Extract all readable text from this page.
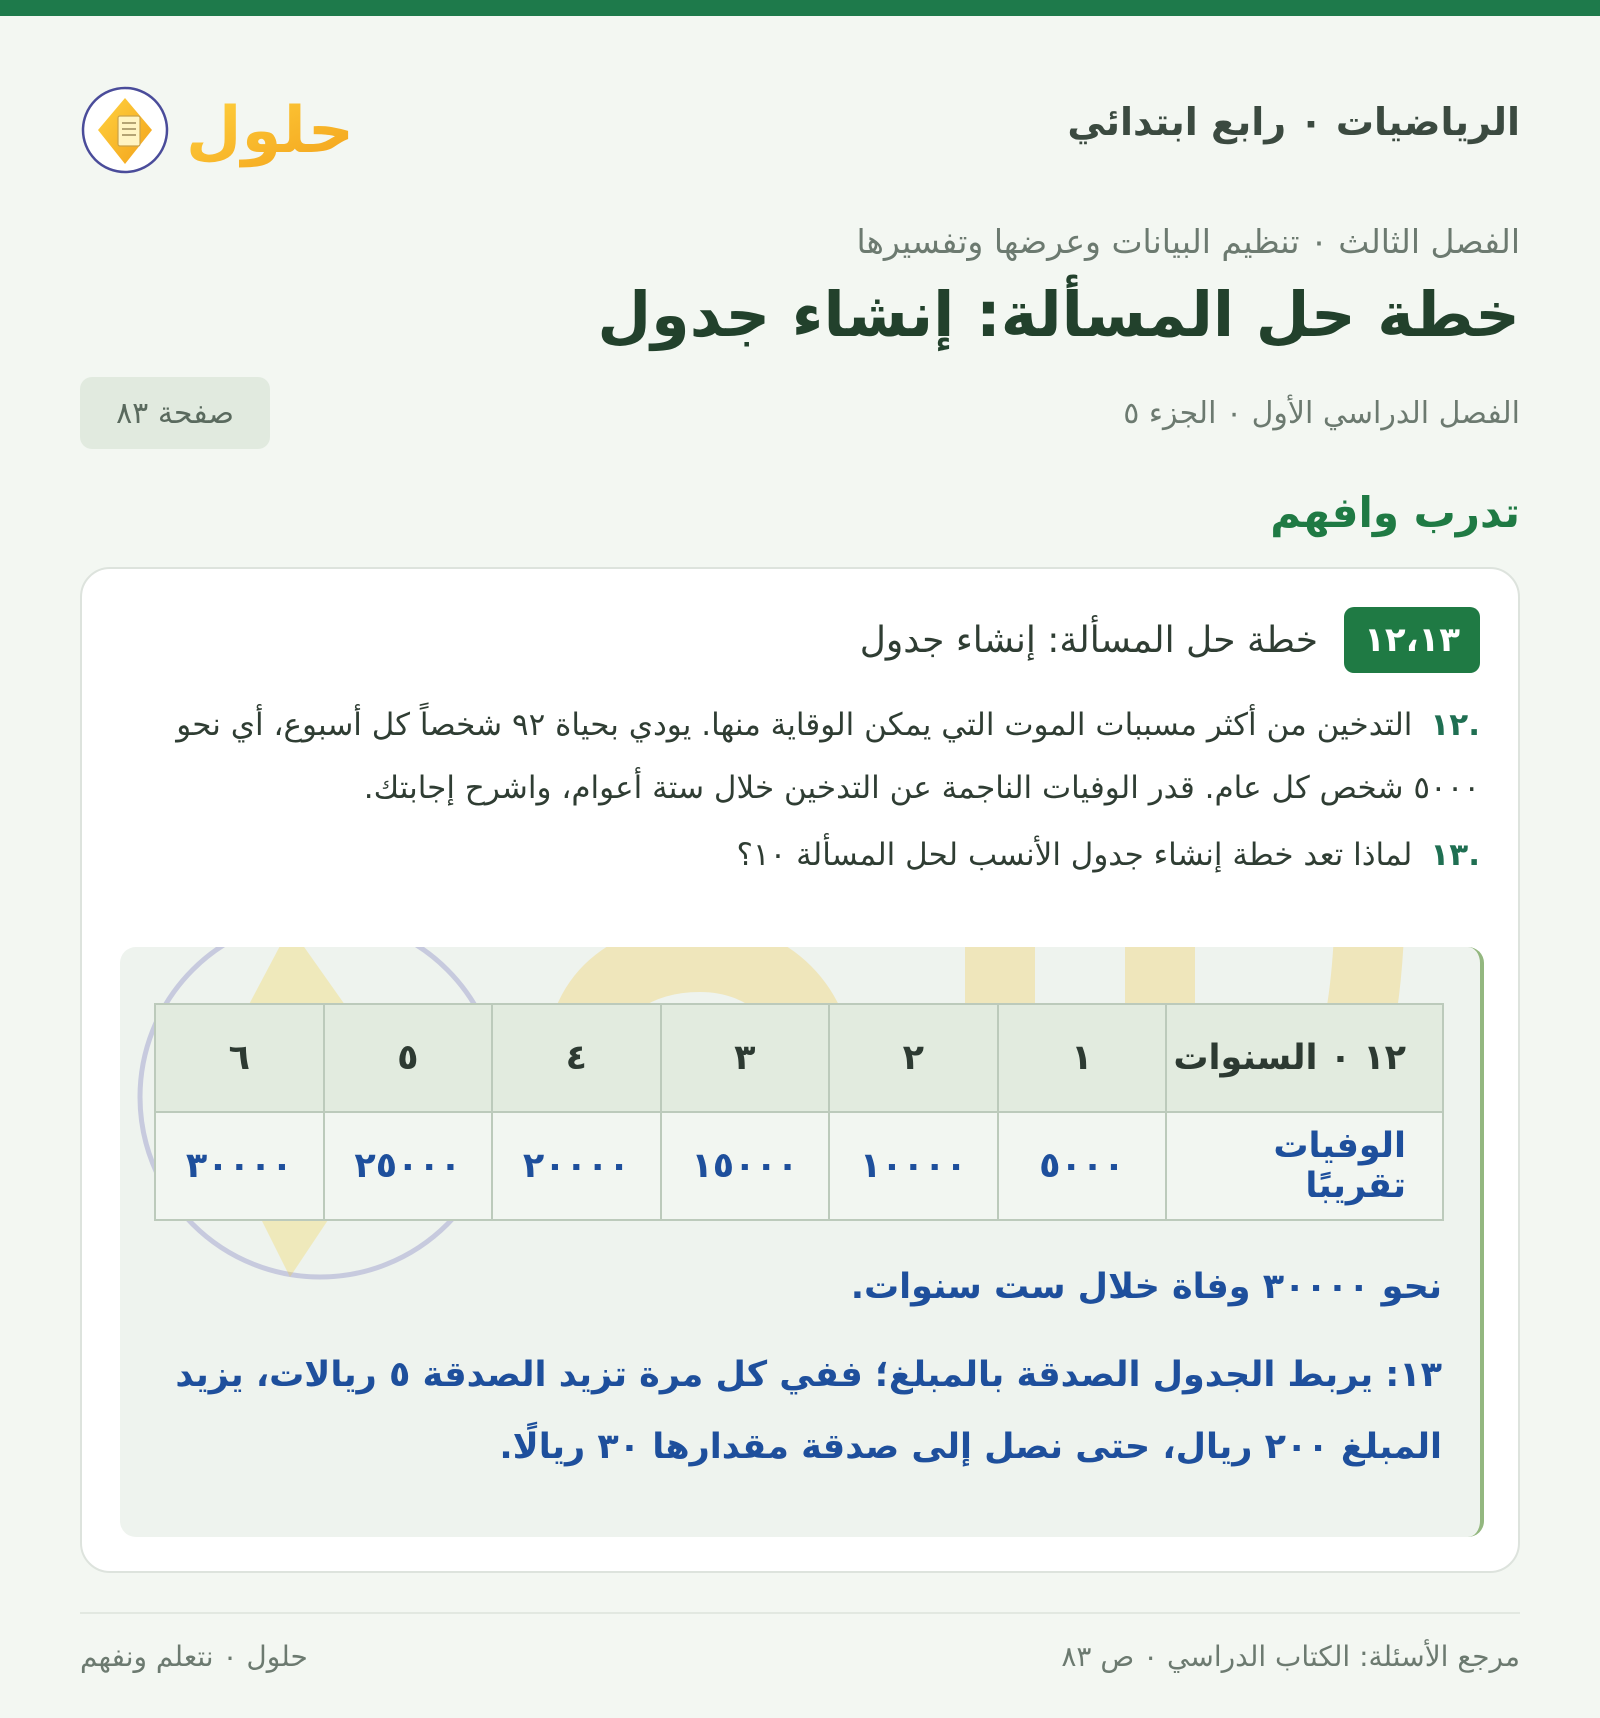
الرياضيات ۰ رابع ابتدائي
حلول
الفصل الثالث ۰ تنظيم البيانات وعرضها وتفسيرها
خطة حل المسألة: إنشاء جدول
الفصل الدراسي الأول ۰ الجزء ٥
صفحة ٨٣
تدرب وافهم
١٢،١٣
خطة حل المسألة: إنشاء جدول
.١٢التدخين من أكثر مسببات الموت التي يمكن الوقاية منها. يودي بحياة ٩٢ شخصاً كل أسبوع، أي نحو ٥٠٠٠ شخص كل عام. قدر الوفيات الناجمة عن التدخين خلال ستة أعوام، واشرح إجابتك.
.١٣لماذا تعد خطة إنشاء جدول الأنسب لحل المسألة ١٠؟
١٢ ۰ السنوات	١	٢	٣	٤	٥	٦
الوفيات تقريبًا	٥٠٠٠	١٠٠٠٠	١٥٠٠٠	٢٠٠٠٠	٢٥٠٠٠	٣٠٠٠٠
نحو ٣٠٠٠٠ وفاة خلال ست سنوات.
١٣: يربط الجدول الصدقة بالمبلغ؛ ففي كل مرة تزيد الصدقة ٥ ريالات، يزيد المبلغ ٢٠٠ ريال، حتى نصل إلى صدقة مقدارها ٣٠ ريالًا.
مرجع الأسئلة: الكتاب الدراسي ۰ ص ٨٣
حلول ۰ نتعلم ونفهم
